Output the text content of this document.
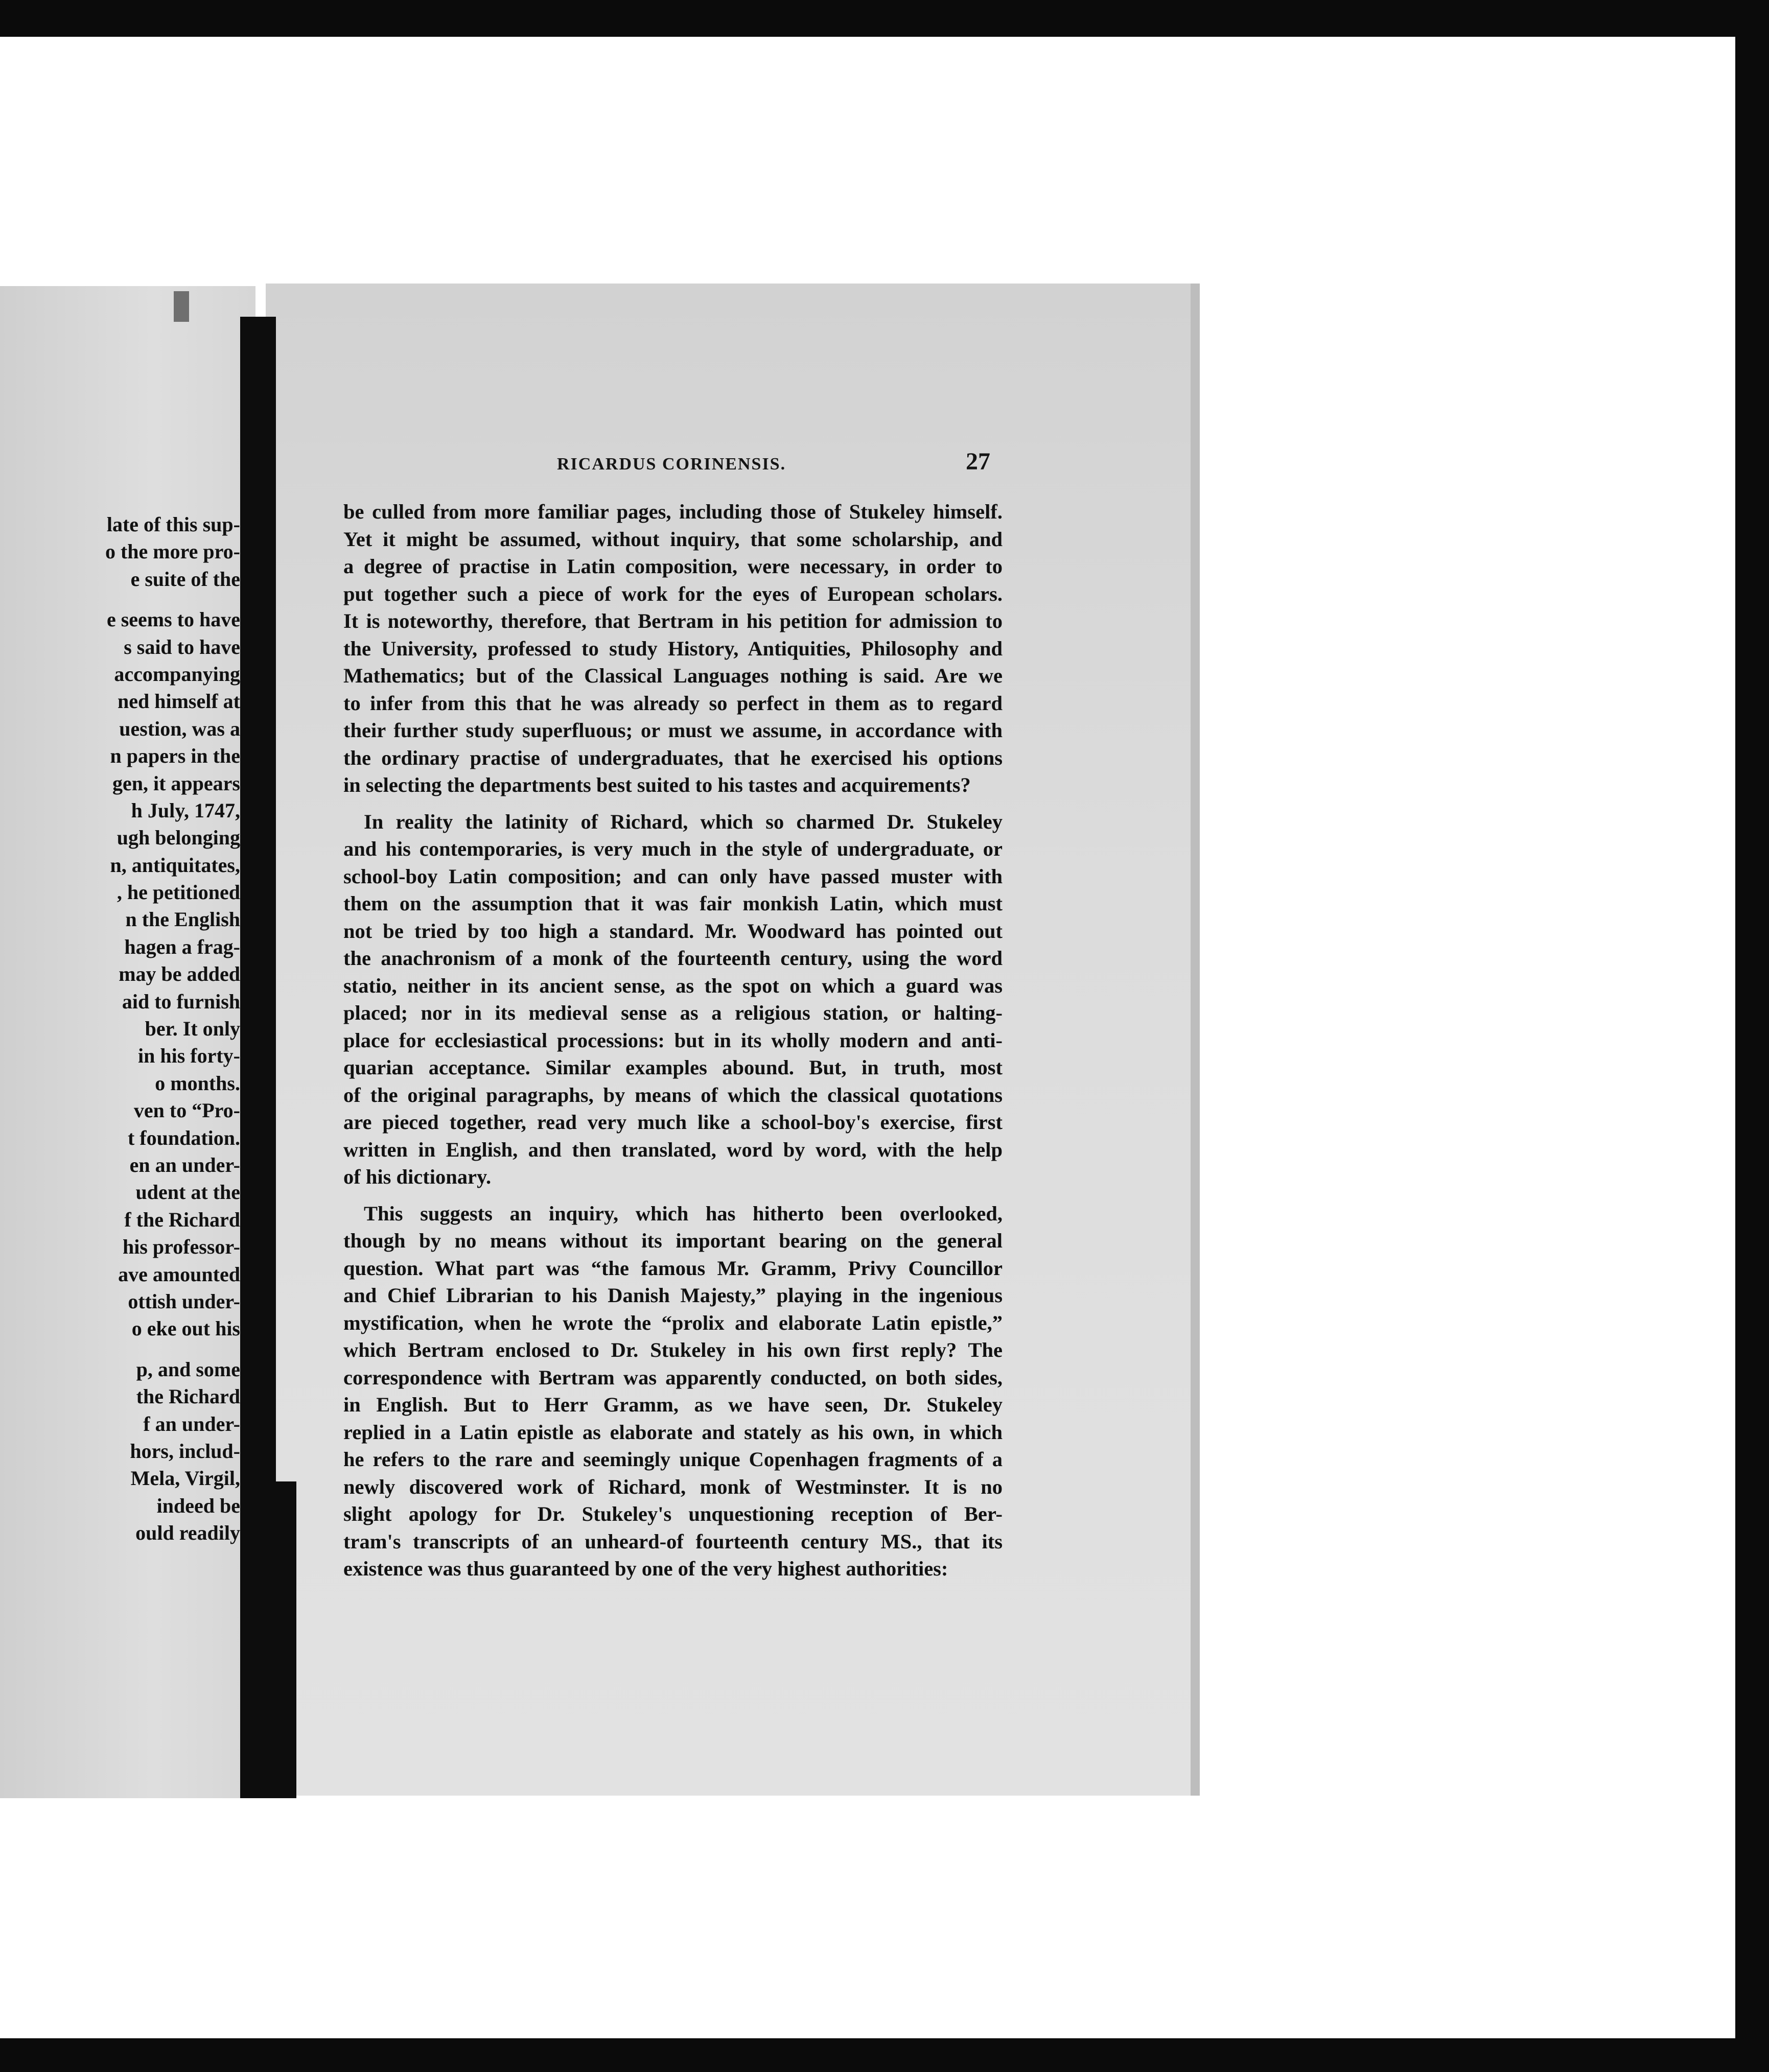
late of this sup-
o the more pro-
e suite of the
e seems to have
s said to have
accompanying
ned himself at
uestion, was a
n papers in the
gen, it appears
h July, 1747,
ugh belonging
n, antiquitates,
, he petitioned
n the English
hagen a frag-
may be added
aid to furnish
ber. It only
in his forty-
o months.
ven to “Pro-
t foundation.
en an under-
udent at the
f the Richard
his professor-
ave amounted
ottish under-
o eke out his
p, and some
the Richard
f an under-
hors, includ-
Mela, Virgil,
indeed be
ould readily
RICARDUS CORINENSIS.	27
be culled from more familiar pages, including those of Stukeley himself.
Yet it might be assumed, without inquiry, that some scholarship, and
a degree of practise in Latin composition, were necessary, in order to
put together such a piece of work for the eyes of European scholars.
It is noteworthy, therefore, that Bertram in his petition for admission to
the University, professed to study History, Antiquities, Philosophy and
Mathematics; but of the Classical Languages nothing is said. Are we
to infer from this that he was already so perfect in them as to regard
their further study superfluous; or must we assume, in accordance with
the ordinary practise of undergraduates, that he exercised his options
in selecting the departments best suited to his tastes and acquirements?
In reality the latinity of Richard, which so charmed Dr. Stukeley
and his contemporaries, is very much in the style of undergraduate, or
school-boy Latin composition; and can only have passed muster with
them on the assumption that it was fair monkish Latin, which must
not be tried by too high a standard. Mr. Woodward has pointed out
the anachronism of a monk of the fourteenth century, using the word
statio, neither in its ancient sense, as the spot on which a guard was
placed; nor in its medieval sense as a religious station, or halting-
place for ecclesiastical processions: but in its wholly modern and anti-
quarian acceptance. Similar examples abound. But, in truth, most
of the original paragraphs, by means of which the classical quotations
are pieced together, read very much like a school-boy's exercise, first
written in English, and then translated, word by word, with the help
of his dictionary.
This suggests an inquiry, which has hitherto been overlooked,
though by no means without its important bearing on the general
question. What part was “the famous Mr. Gramm, Privy Councillor
and Chief Librarian to his Danish Majesty,” playing in the ingenious
mystification, when he wrote the “prolix and elaborate Latin epistle,”
which Bertram enclosed to Dr. Stukeley in his own first reply? The
correspondence with Bertram was apparently conducted, on both sides,
in English. But to Herr Gramm, as we have seen, Dr. Stukeley
replied in a Latin epistle as elaborate and stately as his own, in which
he refers to the rare and seemingly unique Copenhagen fragments of a
newly discovered work of Richard, monk of Westminster. It is no
slight apology for Dr. Stukeley's unquestioning reception of Ber-
tram's transcripts of an unheard-of fourteenth century MS., that its
existence was thus guaranteed by one of the very highest authorities:
